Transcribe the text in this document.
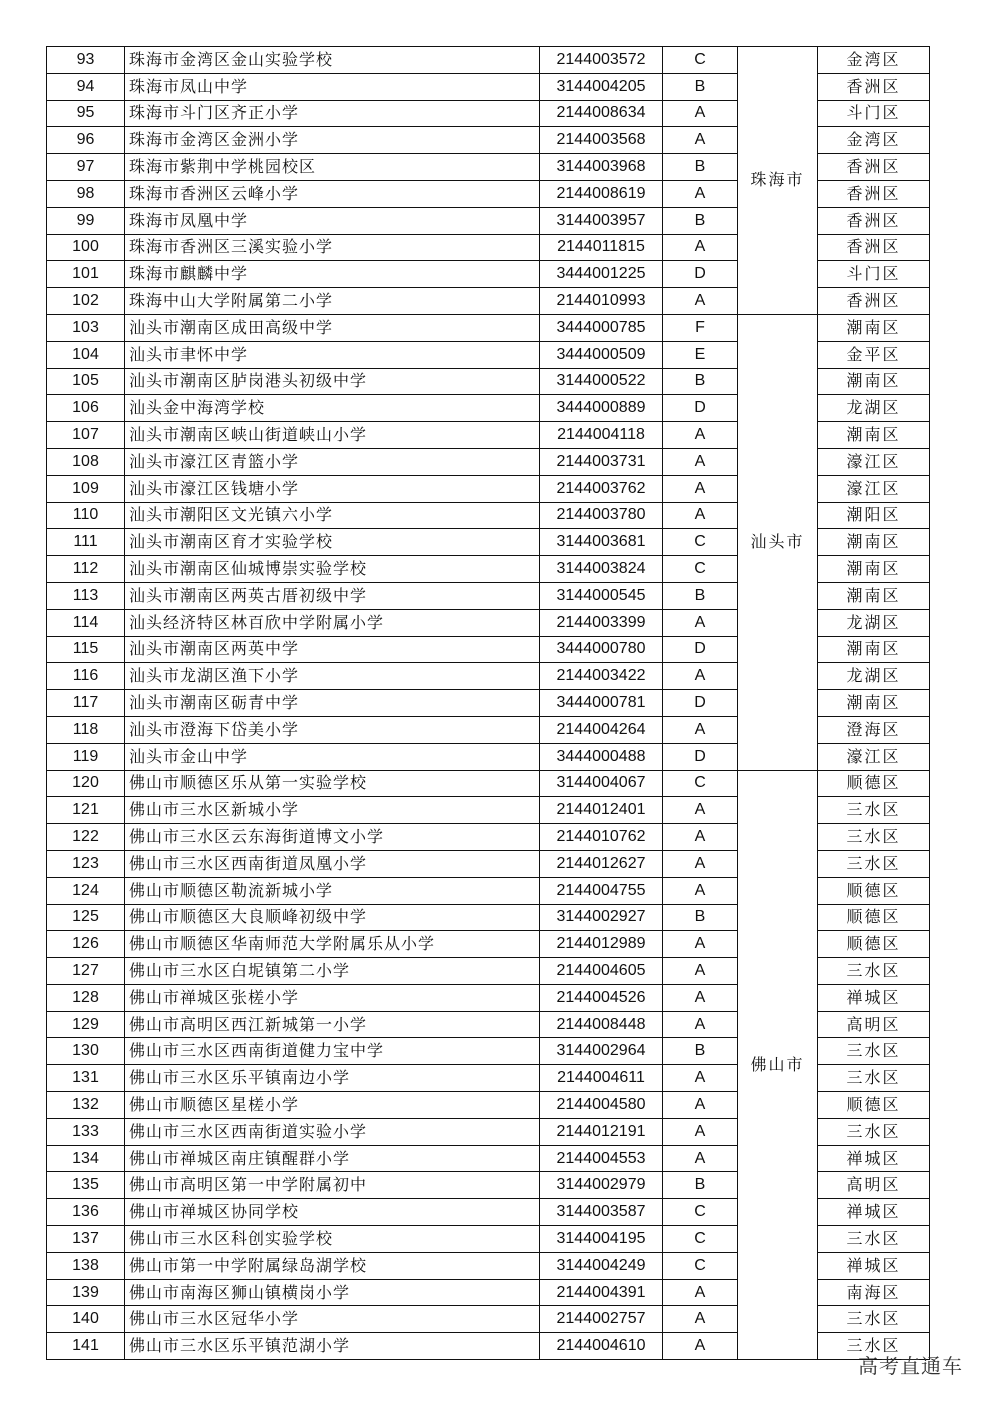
93	珠海市金湾区金山实验学校	2144003572	C	珠海市	金湾区
94	珠海市凤山中学	3144004205	B		香洲区
95	珠海市斗门区齐正小学	2144008634	A		斗门区
96	珠海市金湾区金洲小学	2144003568	A		金湾区
97	珠海市紫荆中学桃园校区	3144003968	B		香洲区
98	珠海市香洲区云峰小学	2144008619	A		香洲区
99	珠海市凤凰中学	3144003957	B		香洲区
100	珠海市香洲区三溪实验小学	2144011815	A		香洲区
101	珠海市麒麟中学	3444001225	D		斗门区
102	珠海中山大学附属第二小学	2144010993	A		香洲区
103	汕头市潮南区成田高级中学	3444000785	F	汕头市	潮南区
104	汕头市聿怀中学	3444000509	E		金平区
105	汕头市潮南区胪岗港头初级中学	3144000522	B		潮南区
106	汕头金中海湾学校	3444000889	D		龙湖区
107	汕头市潮南区峡山街道峡山小学	2144004118	A		潮南区
108	汕头市濠江区青篮小学	2144003731	A		濠江区
109	汕头市濠江区钱塘小学	2144003762	A		濠江区
110	汕头市潮阳区文光镇六小学	2144003780	A		潮阳区
111	汕头市潮南区育才实验学校	3144003681	C		潮南区
112	汕头市潮南区仙城博崇实验学校	3144003824	C		潮南区
113	汕头市潮南区两英古厝初级中学	3144000545	B		潮南区
114	汕头经济特区林百欣中学附属小学	2144003399	A		龙湖区
115	汕头市潮南区两英中学	3444000780	D		潮南区
116	汕头市龙湖区渔下小学	2144003422	A		龙湖区
117	汕头市潮南区砺青中学	3444000781	D		潮南区
118	汕头市澄海下岱美小学	2144004264	A		澄海区
119	汕头市金山中学	3444000488	D		濠江区
120	佛山市顺德区乐从第一实验学校	3144004067	C	佛山市	顺德区
121	佛山市三水区新城小学	2144012401	A		三水区
122	佛山市三水区云东海街道博文小学	2144010762	A		三水区
123	佛山市三水区西南街道凤凰小学	2144012627	A		三水区
124	佛山市顺德区勒流新城小学	2144004755	A		顺德区
125	佛山市顺德区大良顺峰初级中学	3144002927	B		顺德区
126	佛山市顺德区华南师范大学附属乐从小学	2144012989	A		顺德区
127	佛山市三水区白坭镇第二小学	2144004605	A		三水区
128	佛山市禅城区张槎小学	2144004526	A		禅城区
129	佛山市高明区西江新城第一小学	2144008448	A		高明区
130	佛山市三水区西南街道健力宝中学	3144002964	B		三水区
131	佛山市三水区乐平镇南边小学	2144004611	A		三水区
132	佛山市顺德区星槎小学	2144004580	A		顺德区
133	佛山市三水区西南街道实验小学	2144012191	A		三水区
134	佛山市禅城区南庄镇醒群小学	2144004553	A		禅城区
135	佛山市高明区第一中学附属初中	3144002979	B		高明区
136	佛山市禅城区协同学校	3144003587	C		禅城区
137	佛山市三水区科创实验学校	3144004195	C		三水区
138	佛山市第一中学附属绿岛湖学校	3144004249	C		禅城区
139	佛山市南海区狮山镇横岗小学	2144004391	A		南海区
140	佛山市三水区冠华小学	2144002757	A		三水区
141	佛山市三水区乐平镇范湖小学	2144004610	A		三水区
高考直通车
